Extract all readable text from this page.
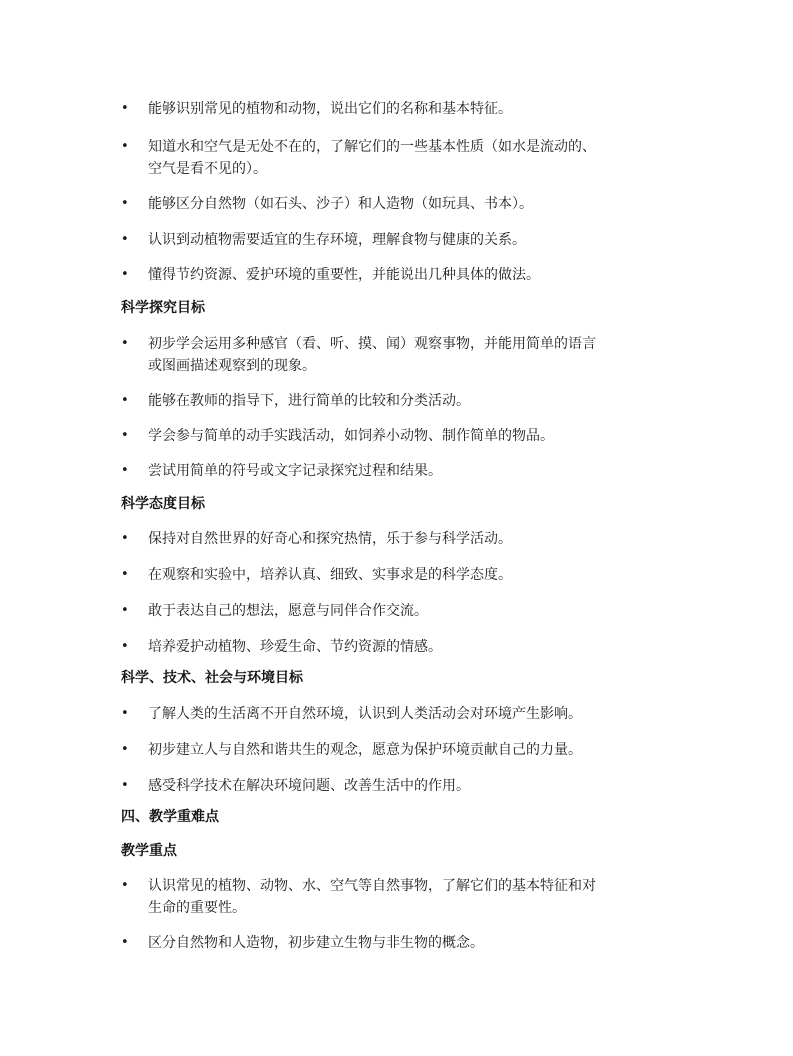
• 能够识别常见的植物和动物，说出它们的名称和基本特征。
• 知道水和空气是无处不在的，了解它们的一些基本性质（如水是流动的、
空气是看不见的）。
• 能够区分自然物（如石头、沙子）和人造物（如玩具、书本）。
• 认识到动植物需要适宜的生存环境，理解食物与健康的关系。
• 懂得节约资源、爱护环境的重要性，并能说出几种具体的做法。
科学探究目标
• 初步学会运用多种感官（看、听、摸、闻）观察事物，并能用简单的语言
或图画描述观察到的现象。
• 能够在教师的指导下，进行简单的比较和分类活动。
• 学会参与简单的动手实践活动，如饲养小动物、制作简单的物品。
• 尝试用简单的符号或文字记录探究过程和结果。
科学态度目标
• 保持对自然世界的好奇心和探究热情，乐于参与科学活动。
• 在观察和实验中，培养认真、细致、实事求是的科学态度。
• 敢于表达自己的想法，愿意与同伴合作交流。
• 培养爱护动植物、珍爱生命、节约资源的情感。
科学、技术、社会与环境目标
• 了解人类的生活离不开自然环境，认识到人类活动会对环境产生影响。
• 初步建立人与自然和谐共生的观念，愿意为保护环境贡献自己的力量。
• 感受科学技术在解决环境问题、改善生活中的作用。
四、教学重难点
教学重点
• 认识常见的植物、动物、水、空气等自然事物，了解它们的基本特征和对
生命的重要性。
• 区分自然物和人造物，初步建立生物与非生物的概念。
